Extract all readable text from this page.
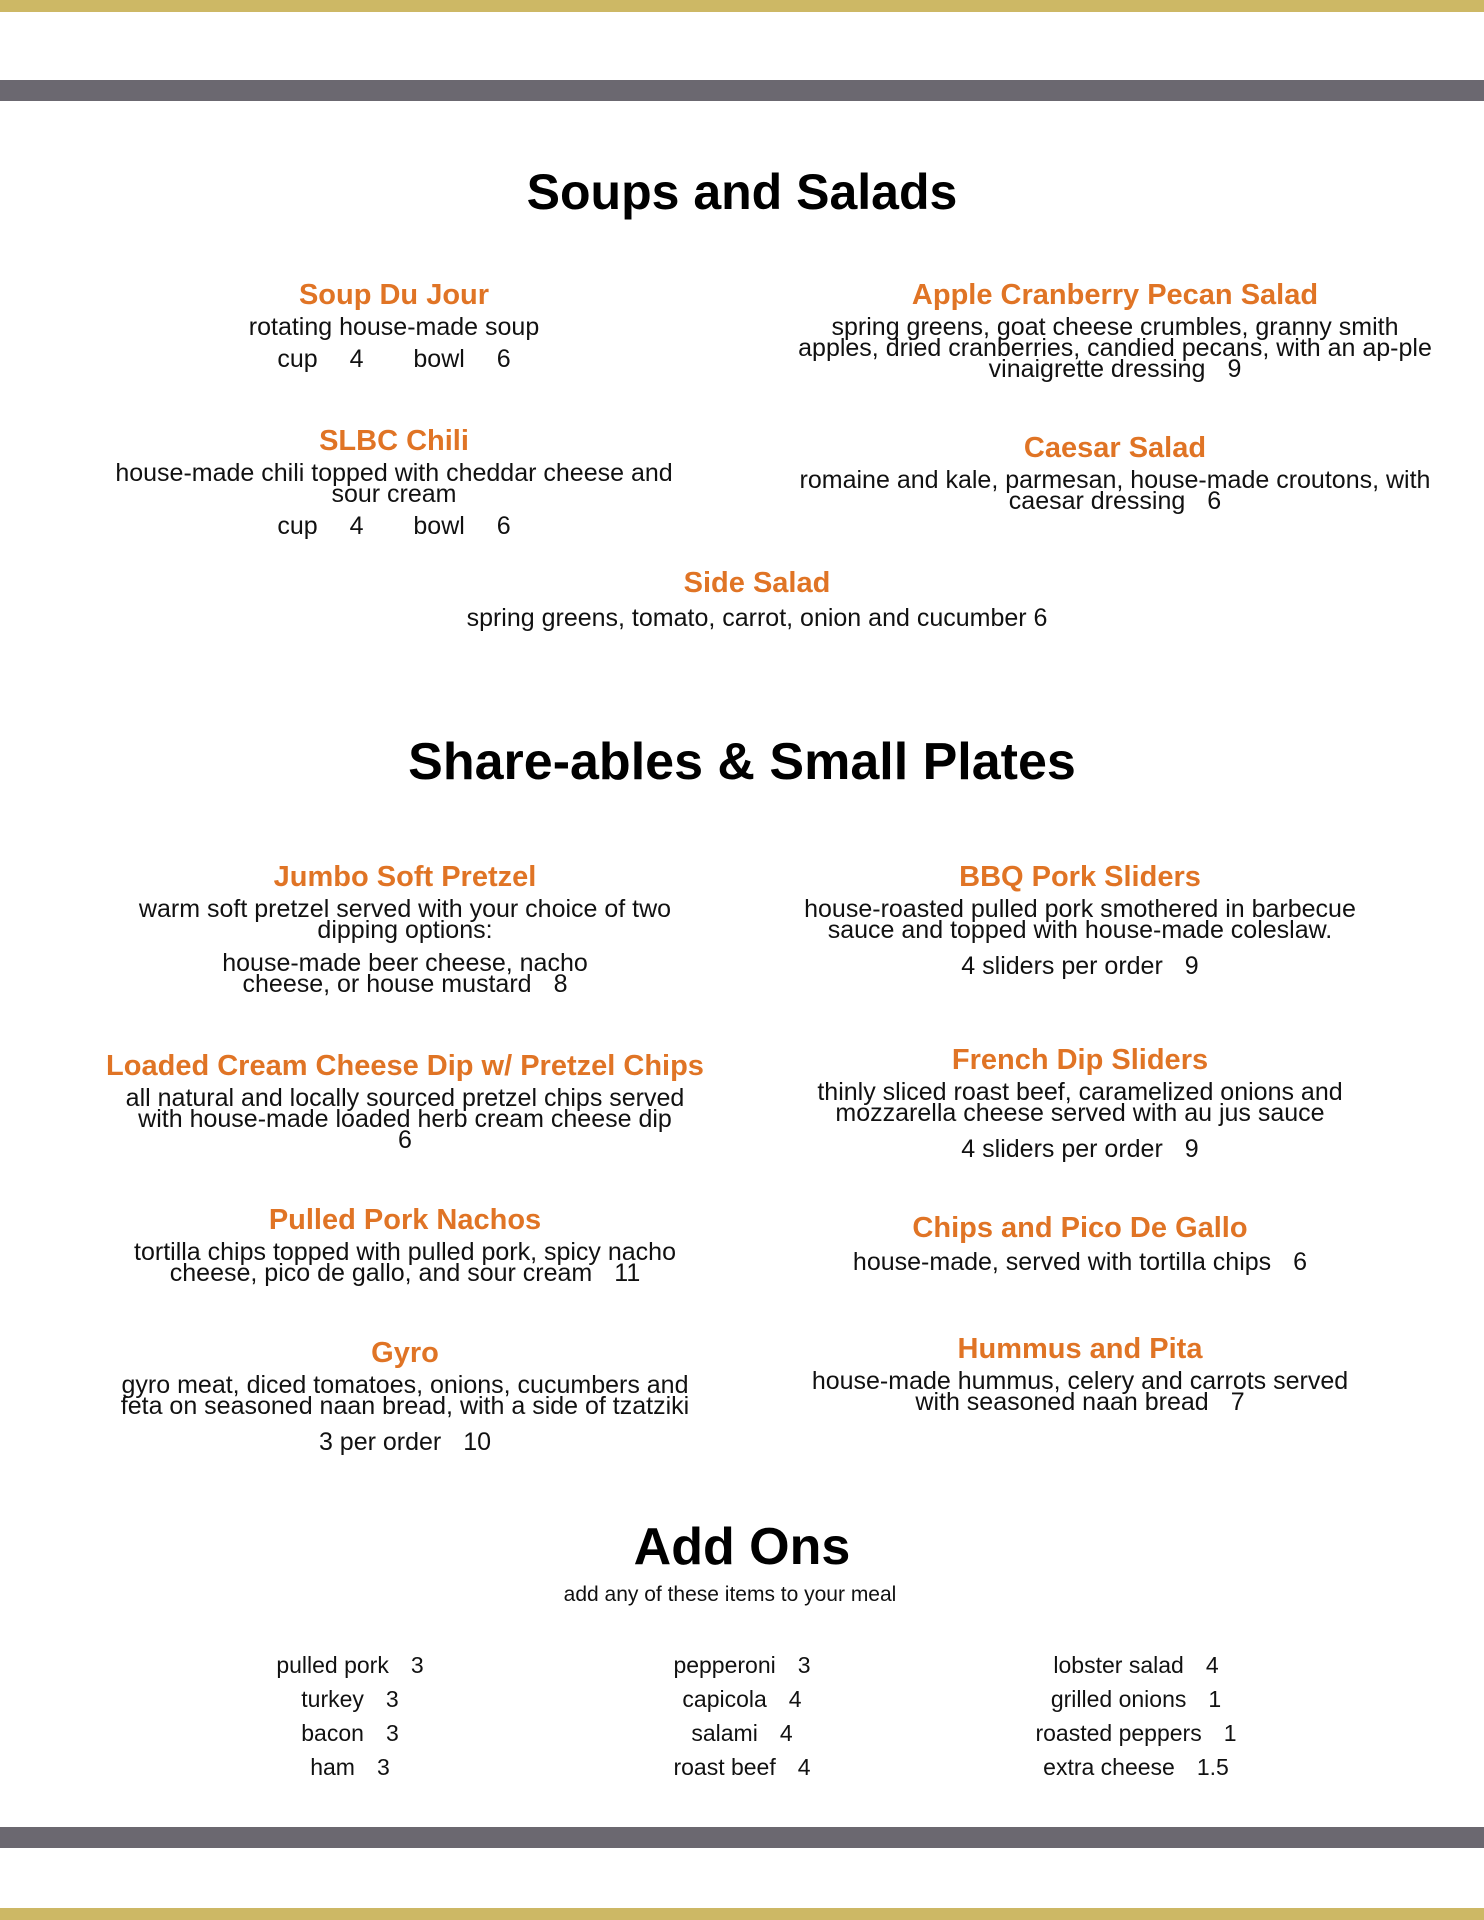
Soups and Salads
Soup Du Jour
rotating house-made soup
cup 4 bowl 6
SLBC Chili
house-made chili topped with cheddar cheese and sour cream
cup 4 bowl 6
Apple Cranberry Pecan Salad
spring greens, goat cheese crumbles, granny smith apples, dried cranberries, candied pecans, with an ap-ple vinaigrette dressing 9
Caesar Salad
romaine and kale, parmesan, house-made croutons, with caesar dressing 6
Side Salad
spring greens, tomato, carrot, onion and cucumber 6
Share-ables & Small Plates
Jumbo Soft Pretzel
warm soft pretzel served with your choice of two dipping options:
house-made beer cheese, nacho cheese, or house mustard 8
Loaded Cream Cheese Dip w/ Pretzel Chips
all natural and locally sourced pretzel chips served with house-made loaded herb cream cheese dip
6
Pulled Pork Nachos
tortilla chips topped with pulled pork, spicy nacho cheese, pico de gallo, and sour cream 11
Gyro
gyro meat, diced tomatoes, onions, cucumbers and feta on seasoned naan bread, with a side of tzatziki
3 per order 10
BBQ Pork Sliders
house-roasted pulled pork smothered in barbecue sauce and topped with house-made coleslaw.
4 sliders per order 9
French Dip Sliders
thinly sliced roast beef, caramelized onions and mozzarella cheese served with au jus sauce
4 sliders per order 9
Chips and Pico De Gallo
house-made, served with tortilla chips 6
Hummus and Pita
house-made hummus, celery and carrots served with seasoned naan bread 7
Add Ons
add any of these items to your meal
pulled pork 3
turkey 3
bacon 3
ham 3
pepperoni 3
capicola 4
salami 4
roast beef 4
lobster salad 4
grilled onions 1
roasted peppers 1
extra cheese 1.5
